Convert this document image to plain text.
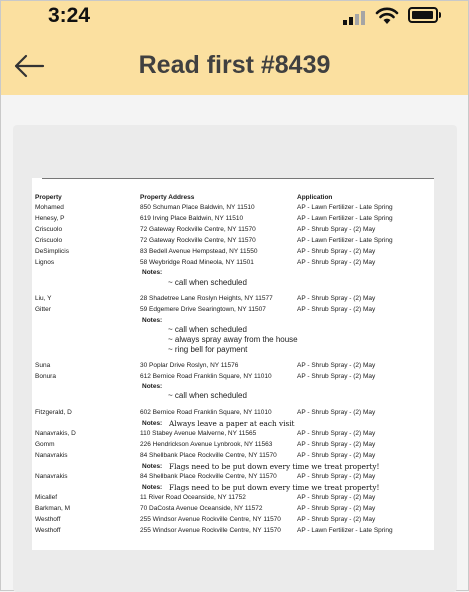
3:24
Read first #8439
Property	Property Address	Application
Mohamed	850 Schuman Place Baldwin, NY 11510	AP - Lawn Fertilizer - Late Spring
Henesy, P	619 Irving Place Baldwin, NY 11510	AP - Lawn Fertilizer - Late Spring
Criscuolo	72 Gateway Rockville Centre, NY 11570	AP - Shrub Spray - (2) May
Criscuolo	72 Gateway Rockville Centre, NY 11570	AP - Lawn Fertilizer - Late Spring
DeSimplicis	83 Bedell Avenue Hempstead, NY 11550	AP - Shrub Spray - (2) May
Lignos	58 Weybridge Road Mineola, NY 11501	AP - Shrub Spray - (2) May
Notes:
~ call when scheduled
Liu, Y	28 Shadetree Lane Roslyn Heights, NY 11577	AP - Shrub Spray - (2) May
Gitter	59 Edgemere Drive Searingtown, NY 11507	AP - Shrub Spray - (2) May
Notes:
~ call when scheduled
~ always spray away from the house
~ ring bell for payment
Suna	30 Poplar Drive Roslyn, NY 11576	AP - Shrub Spray - (2) May
Bonura	612 Bernice Road Franklin Square, NY 11010	AP - Shrub Spray - (2) May
Notes:
~ call when scheduled
Fitzgerald, D	602 Bernice Road Franklin Square, NY 11010	AP - Shrub Spray - (2) May
Notes: Always leave a paper at each visit
Nanavrakis, D	110 Stabey Avenue Malverne, NY 11565	AP - Shrub Spray - (2) May
Gomm	226 Hendrickson Avenue Lynbrook, NY 11563	AP - Shrub Spray - (2) May
Nanavrakis	84 Shellbank Place Rockville Centre, NY 11570	AP - Shrub Spray - (2) May
Notes: Flags need to be put down every time we treat property!
Nanavrakis	84 Shellbank Place Rockville Centre, NY 11570	AP - Shrub Spray - (2) May
Notes: Flags need to be put down every time we treat property!
Micallef	11 River Road Oceanside, NY 11752	AP - Shrub Spray - (2) May
Barkman, M	70 DaCosta Avenue Oceanside, NY 11572	AP - Shrub Spray - (2) May
Westhoff	255 Windsor Avenue Rockville Centre, NY 11570 AP - Shrub Spray - (2) May
Westhoff	255 Windsor Avenue Rockville Centre, NY 11570 AP - Lawn Fertilizer - Late Spring
